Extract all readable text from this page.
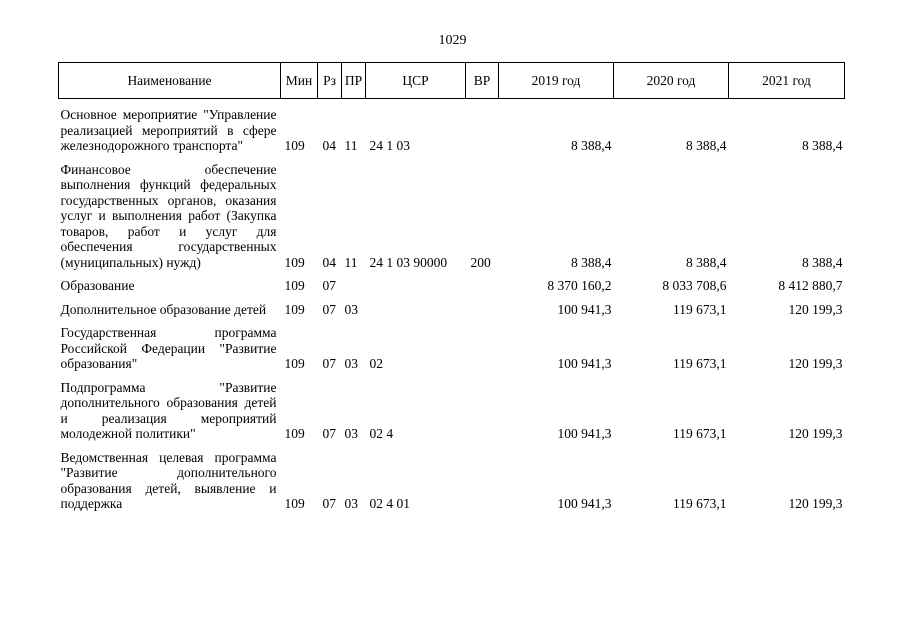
1029
Наименование	Мин	Рз	ПР	ЦСР	ВР	2019 год	2020 год	2021 год

Основное мероприятие "Управление реализацией мероприятий в сфере железнодорожного транспорта"	109	04	11	24 1 03		8 388,4	8 388,4	8 388,4

Финансовое обеспечение выполнения функций федеральных государственных органов, оказания услуг и выполнения работ (Закупка товаров, работ и услуг для обеспечения государственных (муниципальных) нужд)	109	04	11	24 1 03 90000	200	8 388,4	8 388,4	8 388,4

Образование	109	07				8 370 160,2	8 033 708,6	8 412 880,7

Дополнительное образование детей	109	07	03			100 941,3	119 673,1	120 199,3

Государственная программа Российской Федерации "Развитие образования"	109	07	03	02		100 941,3	119 673,1	120 199,3

Подпрограмма "Развитие дополнительного образования детей и реализация мероприятий молодежной политики"	109	07	03	02 4		100 941,3	119 673,1	120 199,3

Ведомственная целевая программа "Развитие дополнительного образования детей, выявление и поддержка	109	07	03	02 4 01		100 941,3	119 673,1	120 199,3
